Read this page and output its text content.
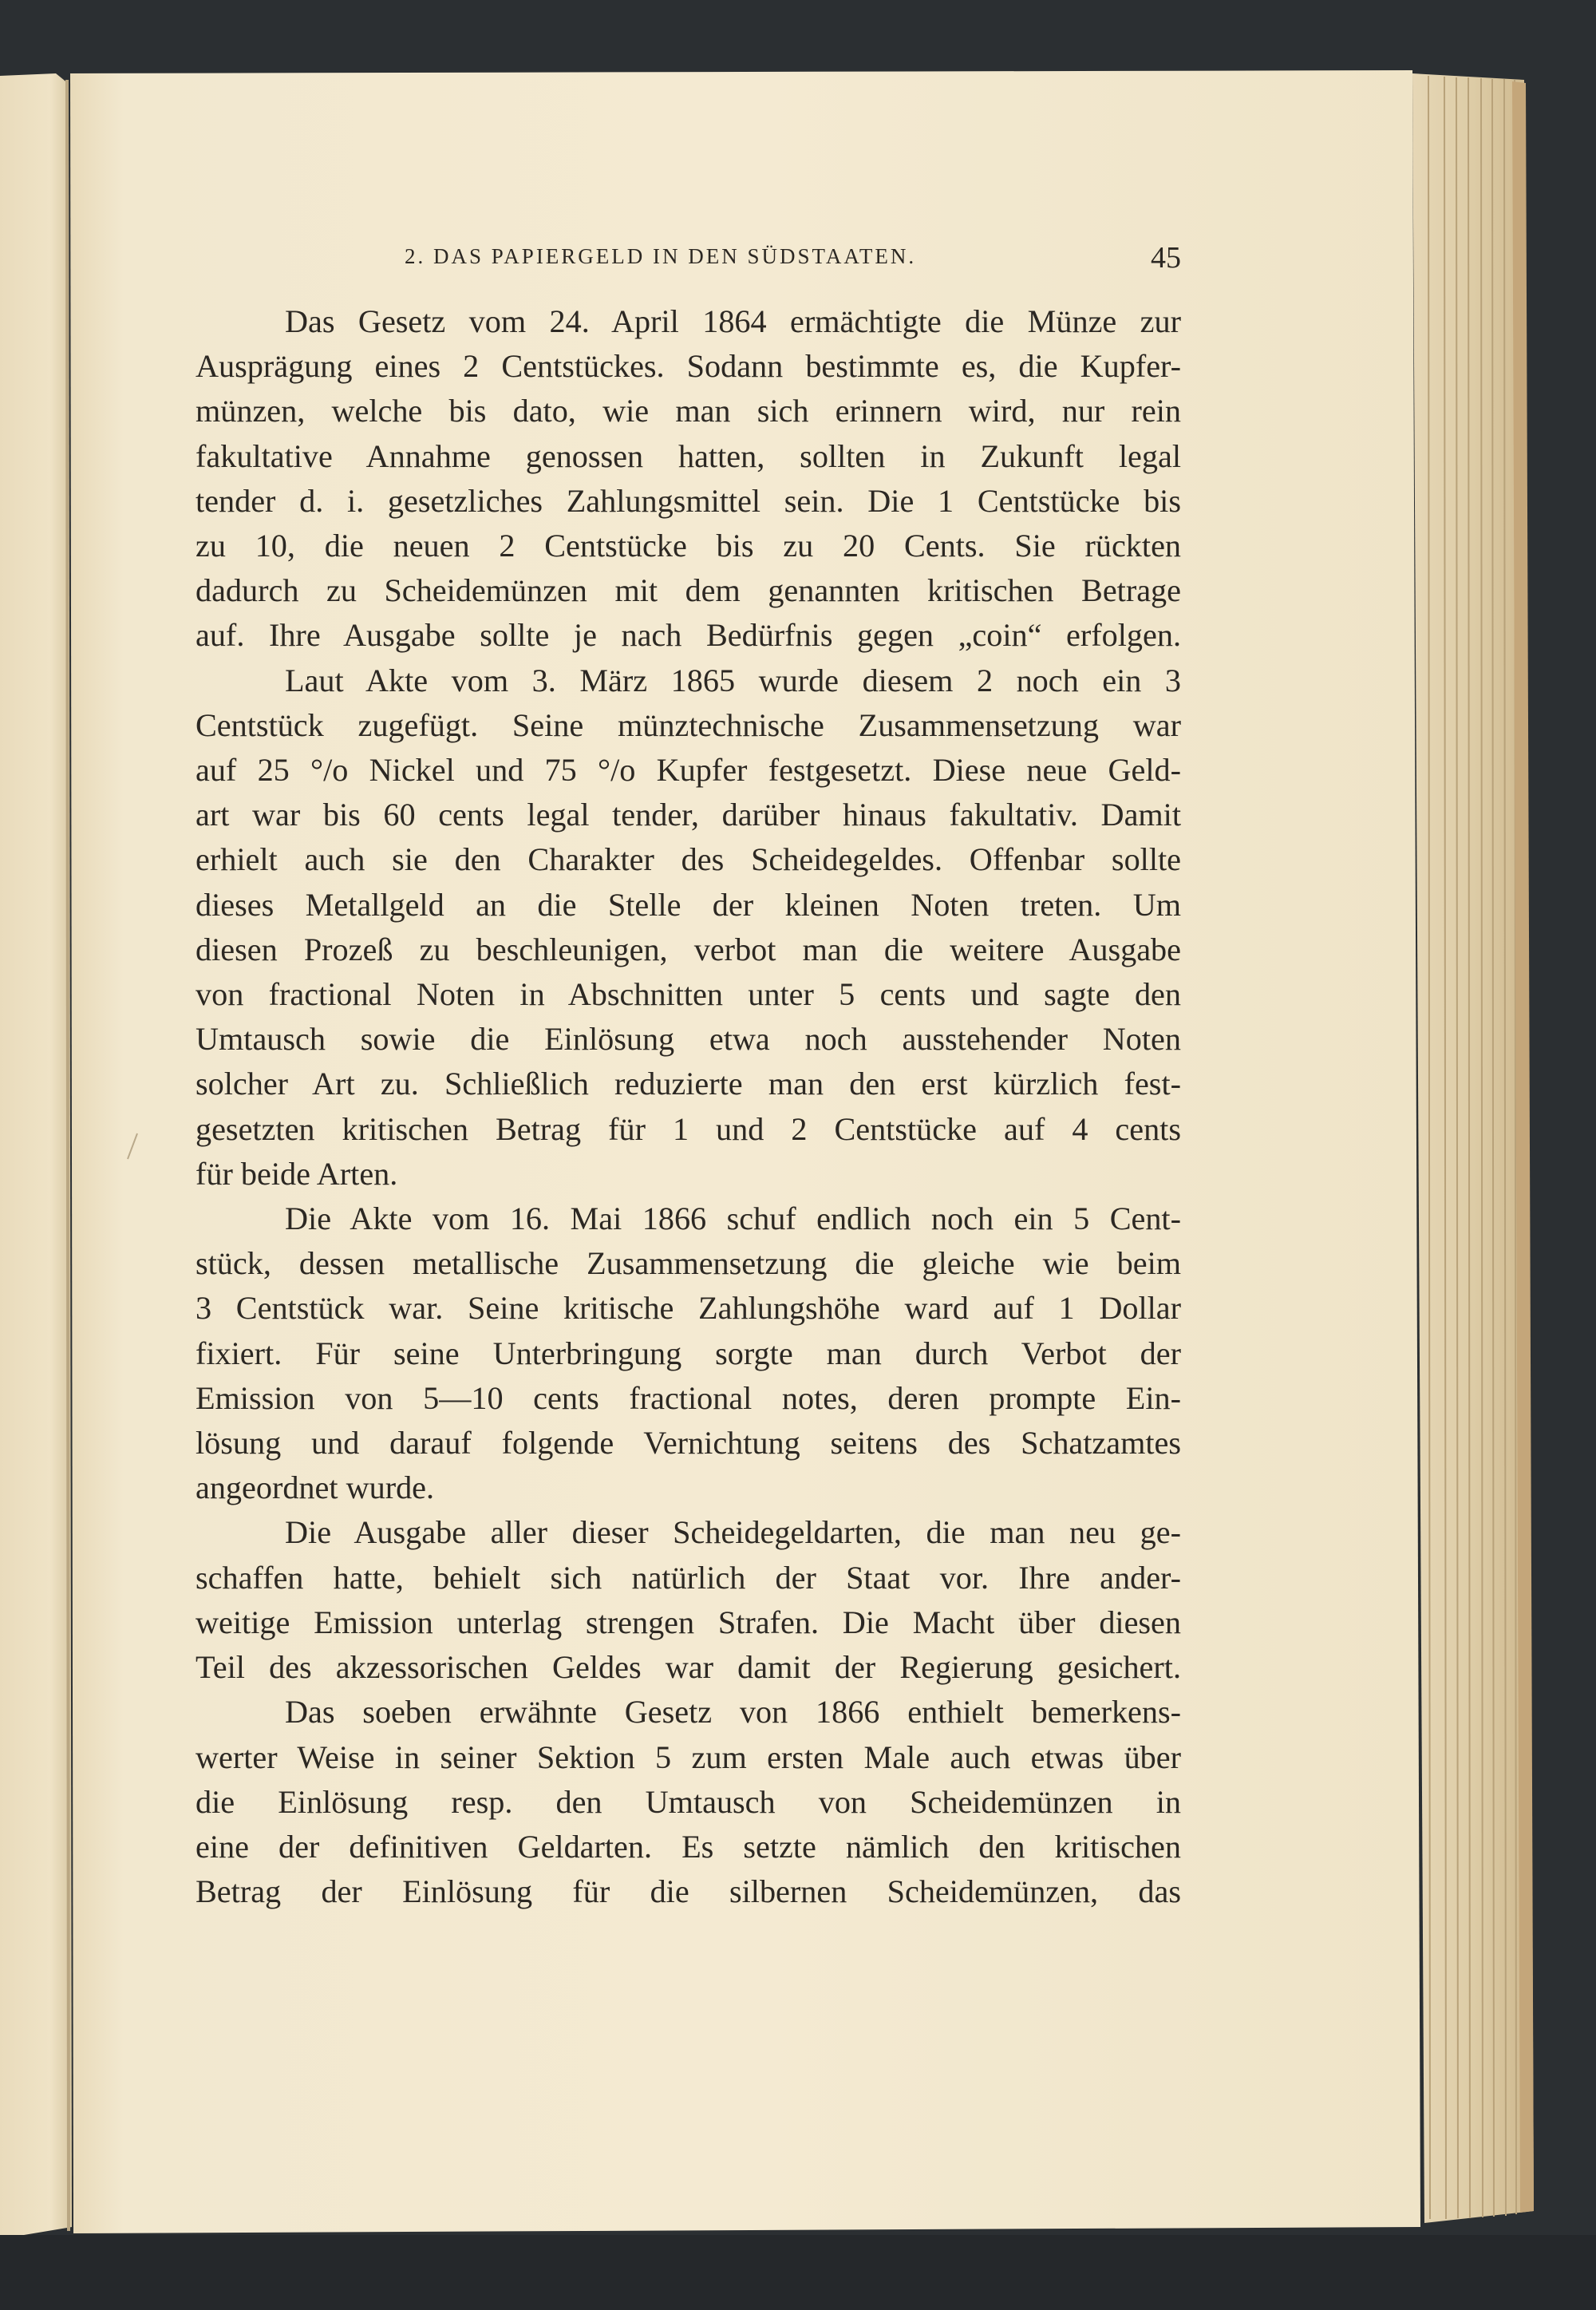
2. DAS PAPIERGELD IN DEN SÜDSTAATEN.	45

Das Gesetz vom 24. April 1864 ermächtigte die Münze zur
Ausprägung eines 2 Centstückes. Sodann bestimmte es, die Kupfer-
münzen, welche bis dato, wie man sich erinnern wird, nur rein
fakultative Annahme genossen hatten, sollten in Zukunft legal
tender d. i. gesetzliches Zahlungsmittel sein. Die 1 Centstücke bis
zu 10, die neuen 2 Centstücke bis zu 20 Cents. Sie rückten
dadurch zu Scheidemünzen mit dem genannten kritischen Betrage
auf. Ihre Ausgabe sollte je nach Bedürfnis gegen „coin“ erfolgen.

Laut Akte vom 3. März 1865 wurde diesem 2 noch ein 3
Centstück zugefügt. Seine münztechnische Zusammensetzung war
auf 25 °/o Nickel und 75 °/o Kupfer festgesetzt. Diese neue Geld-
art war bis 60 cents legal tender, darüber hinaus fakultativ. Damit
erhielt auch sie den Charakter des Scheidegeldes. Offenbar sollte
dieses Metallgeld an die Stelle der kleinen Noten treten. Um
diesen Prozeß zu beschleunigen, verbot man die weitere Ausgabe
von fractional Noten in Abschnitten unter 5 cents und sagte den
Umtausch sowie die Einlösung etwa noch ausstehender Noten
solcher Art zu. Schließlich reduzierte man den erst kürzlich fest-
gesetzten kritischen Betrag für 1 und 2 Centstücke auf 4 cents
für beide Arten.

Die Akte vom 16. Mai 1866 schuf endlich noch ein 5 Cent-
stück, dessen metallische Zusammensetzung die gleiche wie beim
3 Centstück war. Seine kritische Zahlungshöhe ward auf 1 Dollar
fixiert. Für seine Unterbringung sorgte man durch Verbot der
Emission von 5—10 cents fractional notes, deren prompte Ein-
lösung und darauf folgende Vernichtung seitens des Schatzamtes
angeordnet wurde.

Die Ausgabe aller dieser Scheidegeldarten, die man neu ge-
schaffen hatte, behielt sich natürlich der Staat vor. Ihre ander-
weitige Emission unterlag strengen Strafen. Die Macht über diesen
Teil des akzessorischen Geldes war damit der Regierung gesichert.

Das soeben erwähnte Gesetz von 1866 enthielt bemerkens-
werter Weise in seiner Sektion 5 zum ersten Male auch etwas über
die Einlösung resp. den Umtausch von Scheidemünzen in
eine der definitiven Geldarten. Es setzte nämlich den kritischen
Betrag der Einlösung für die silbernen Scheidemünzen, das
